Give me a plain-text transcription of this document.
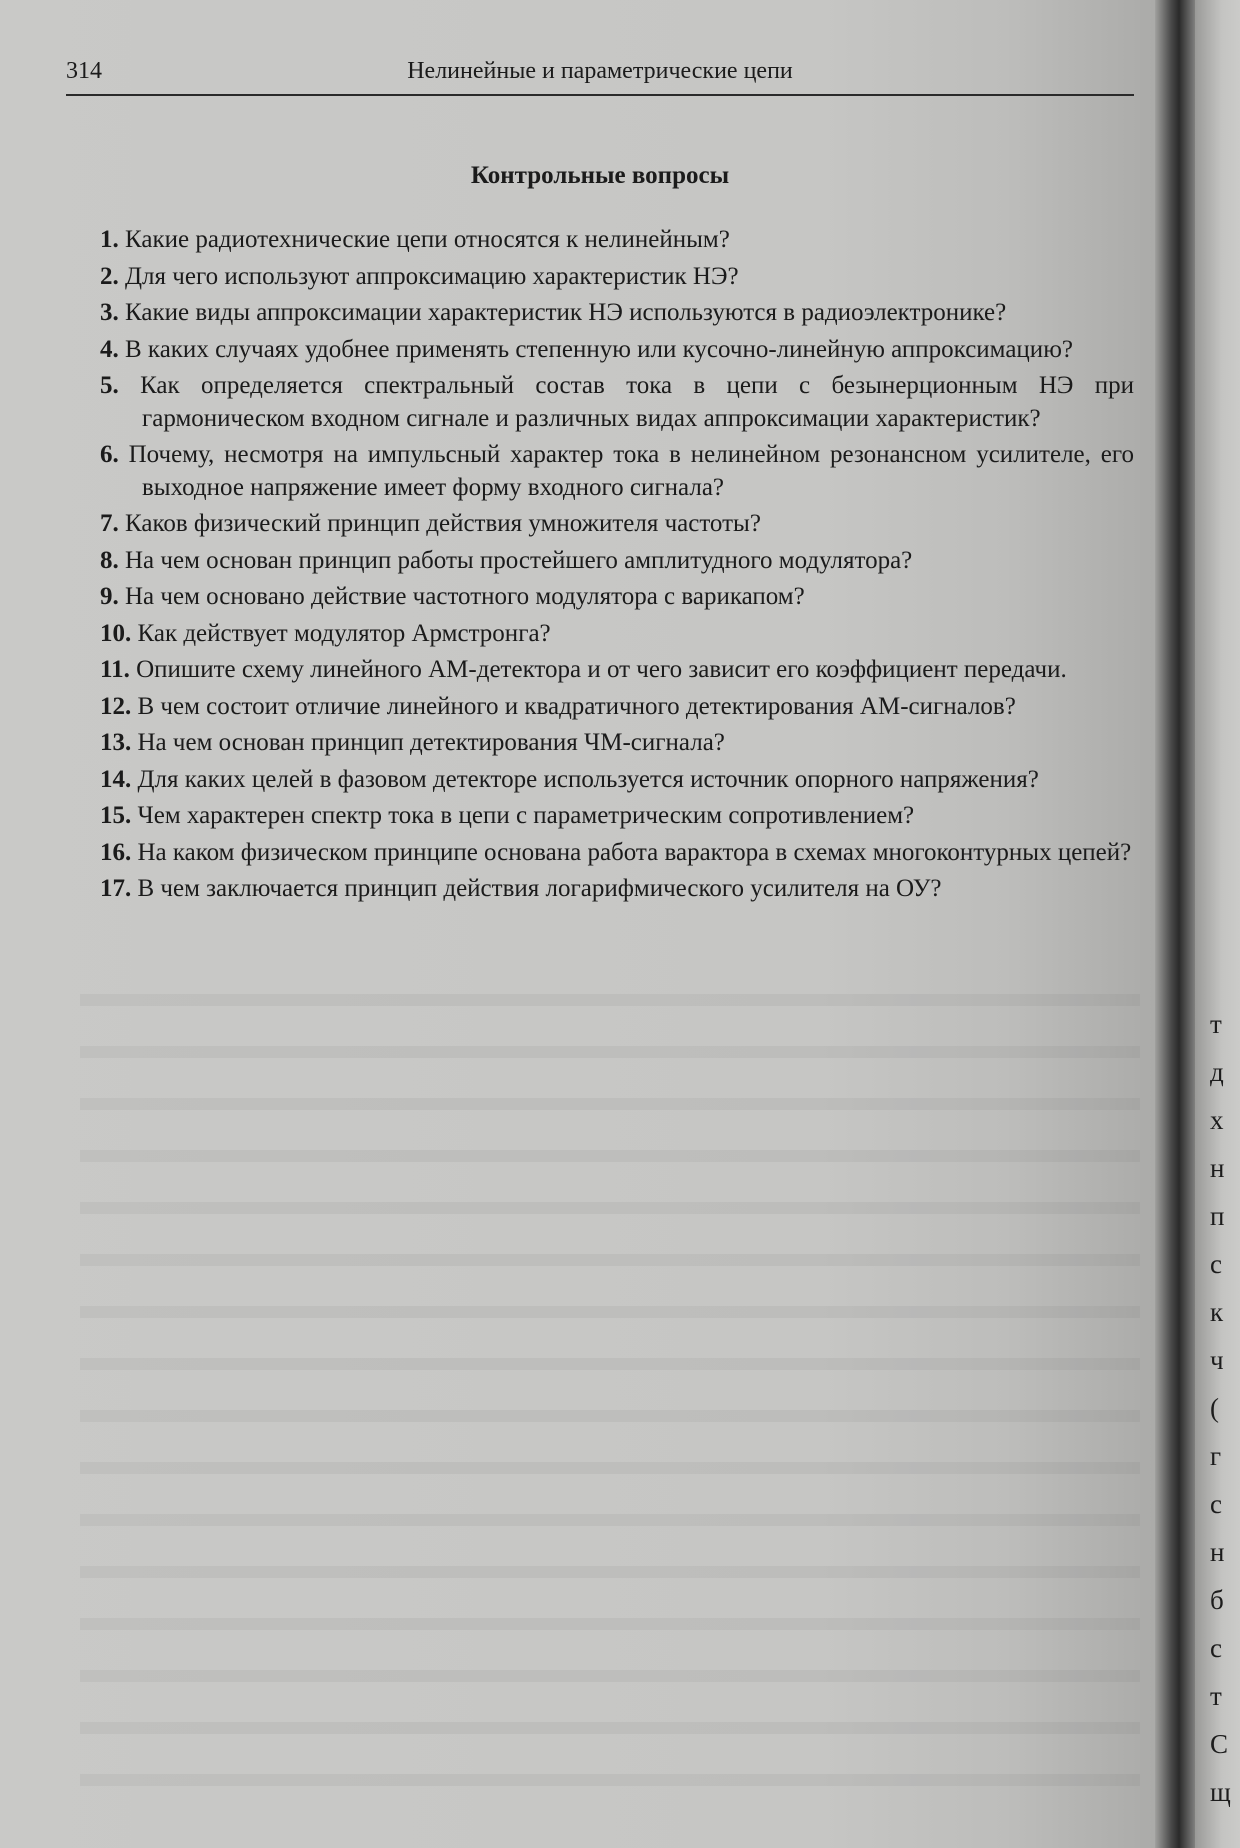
314	Нелинейные и параметрические цепи
Контрольные вопросы
1. Какие радиотехнические цепи относятся к нелинейным?
2. Для чего используют аппроксимацию характеристик НЭ?
3. Какие виды аппроксимации характеристик НЭ используются в радиоэлектронике?
4. В каких случаях удобнее применять степенную или кусочно-линейную аппроксимацию?
5. Как определяется спектральный состав тока в цепи с безынерционным НЭ при гармоническом входном сигнале и различных видах аппроксимации характеристик?
6. Почему, несмотря на импульсный характер тока в нелинейном резонансном усилителе, его выходное напряжение имеет форму входного сигнала?
7. Каков физический принцип действия умножителя частоты?
8. На чем основан принцип работы простейшего амплитудного модулятора?
9. На чем основано действие частотного модулятора с варикапом?
10. Как действует модулятор Армстронга?
11. Опишите схему линейного АМ-детектора и от чего зависит его коэффициент передачи.
12. В чем состоит отличие линейного и квадратичного детектирования АМ-сигналов?
13. На чем основан принцип детектирования ЧМ-сигнала?
14. Для каких целей в фазовом детекторе используется источник опорного напряжения?
15. Чем характерен спектр тока в цепи с параметрическим сопротивлением?
16. На каком физическом принципе основана работа варактора в схемах многоконтурных цепей?
17. В чем заключается принцип действия логарифмического усилителя на ОУ?
т
д
х
н
п
с
к
ч
(
г
с
н
б
с
т
С
щ
